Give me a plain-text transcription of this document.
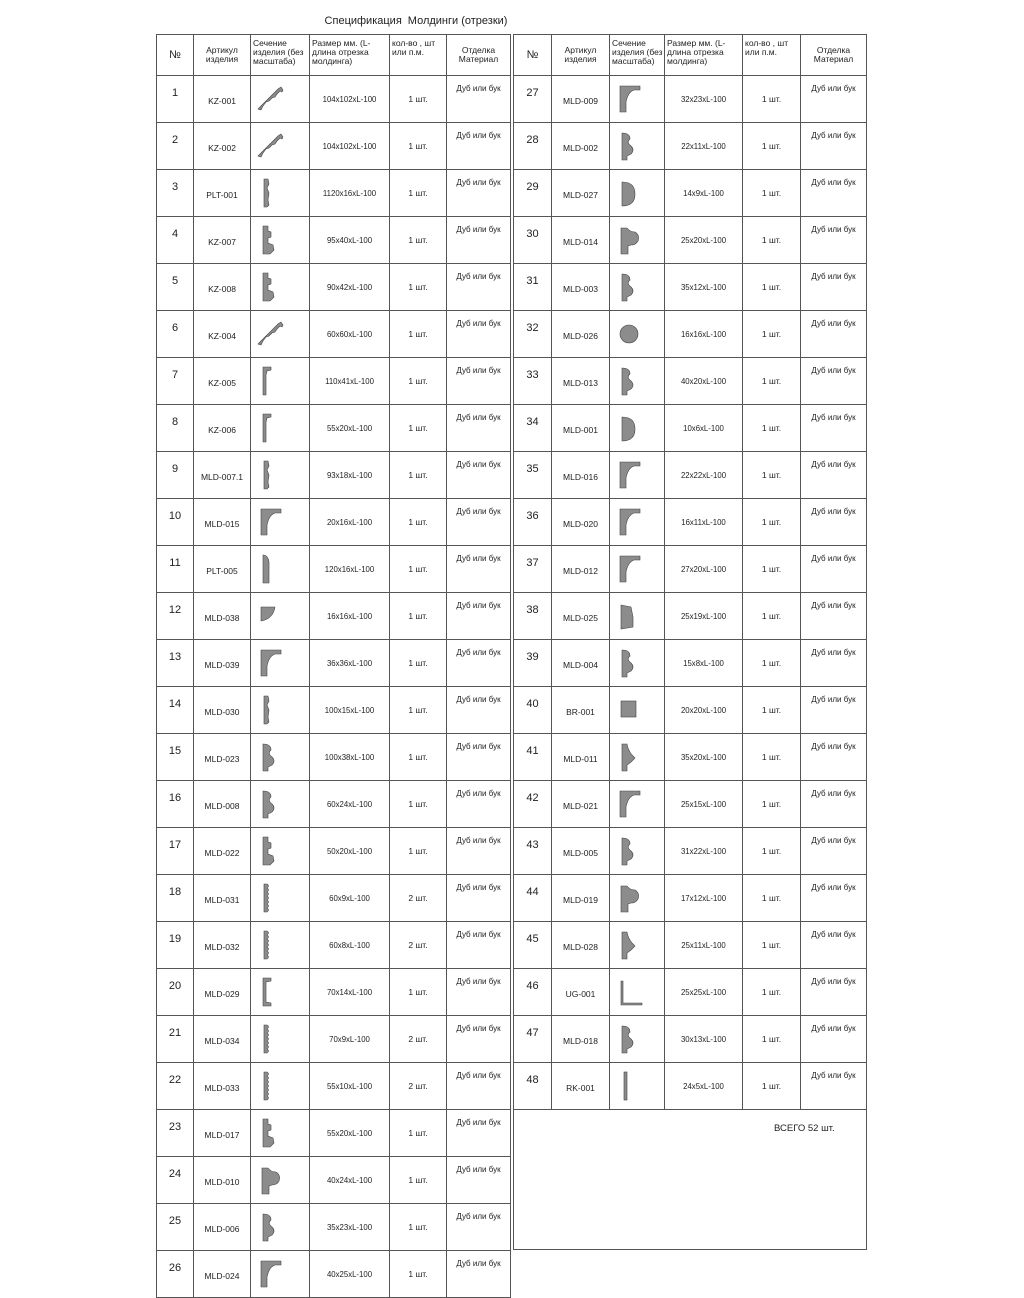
Спецификация Молдинги (отрезки)
№	Артикул изделия	Сечение изделия (без масштаба)	Размер мм. (L-длина отрезка молдинга)	кол-во , шт или п.м.	Отделка Материал
1	KZ-001		104x102xL-100	1 шт.	Дуб или бук
2	KZ-002		104x102xL-100	1 шт.	Дуб или бук
3	PLT-001		1120x16xL-100	1 шт.	Дуб или бук
4	KZ-007		95x40xL-100	1 шт.	Дуб или бук
5	KZ-008		90x42xL-100	1 шт.	Дуб или бук
6	KZ-004		60x60xL-100	1 шт.	Дуб или бук
7	KZ-005		110x41xL-100	1 шт.	Дуб или бук
8	KZ-006		55x20xL-100	1 шт.	Дуб или бук
9	MLD-007.1		93x18xL-100	1 шт.	Дуб или бук
10	MLD-015		20x16xL-100	1 шт.	Дуб или бук
11	PLT-005		120x16xL-100	1 шт.	Дуб или бук
12	MLD-038		16x16xL-100	1 шт.	Дуб или бук
13	MLD-039		36x36xL-100	1 шт.	Дуб или бук
14	MLD-030		100x15xL-100	1 шт.	Дуб или бук
15	MLD-023		100x38xL-100	1 шт.	Дуб или бук
16	MLD-008		60x24xL-100	1 шт.	Дуб или бук
17	MLD-022		50x20xL-100	1 шт.	Дуб или бук
18	MLD-031		60x9xL-100	2 шт.	Дуб или бук
19	MLD-032		60x8xL-100	2 шт.	Дуб или бук
20	MLD-029		70x14xL-100	1 шт.	Дуб или бук
21	MLD-034		70x9xL-100	2 шт.	Дуб или бук
22	MLD-033		55x10xL-100	2 шт.	Дуб или бук
23	MLD-017		55x20xL-100	1 шт.	Дуб или бук
24	MLD-010		40x24xL-100	1 шт.	Дуб или бук
25	MLD-006		35x23xL-100	1 шт.	Дуб или бук
26	MLD-024		40x25xL-100	1 шт.	Дуб или бук
№	Артикул изделия	Сечение изделия (без масштаба)	Размер мм. (L-длина отрезка молдинга)	кол-во , шт или п.м.	Отделка Материал
27	MLD-009		32x23xL-100	1 шт.	Дуб или бук
28	MLD-002		22x11xL-100	1 шт.	Дуб или бук
29	MLD-027		14x9xL-100	1 шт.	Дуб или бук
30	MLD-014		25x20xL-100	1 шт.	Дуб или бук
31	MLD-003		35x12xL-100	1 шт.	Дуб или бук
32	MLD-026		16x16xL-100	1 шт.	Дуб или бук
33	MLD-013		40x20xL-100	1 шт.	Дуб или бук
34	MLD-001		10x6xL-100	1 шт.	Дуб или бук
35	MLD-016		22x22xL-100	1 шт.	Дуб или бук
36	MLD-020		16x11xL-100	1 шт.	Дуб или бук
37	MLD-012		27x20xL-100	1 шт.	Дуб или бук
38	MLD-025		25x19xL-100	1 шт.	Дуб или бук
39	MLD-004		15x8xL-100	1 шт.	Дуб или бук
40	BR-001		20x20xL-100	1 шт.	Дуб или бук
41	MLD-011		35x20xL-100	1 шт.	Дуб или бук
42	MLD-021		25x15xL-100	1 шт.	Дуб или бук
43	MLD-005		31x22xL-100	1 шт.	Дуб или бук
44	MLD-019		17x12xL-100	1 шт.	Дуб или бук
45	MLD-028		25x11xL-100	1 шт.	Дуб или бук
46	UG-001		25x25xL-100	1 шт.	Дуб или бук
47	MLD-018		30x13xL-100	1 шт.	Дуб или бук
48	RK-001		24x5xL-100	1 шт.	Дуб или бук

ВСЕГО 52 шт.					
